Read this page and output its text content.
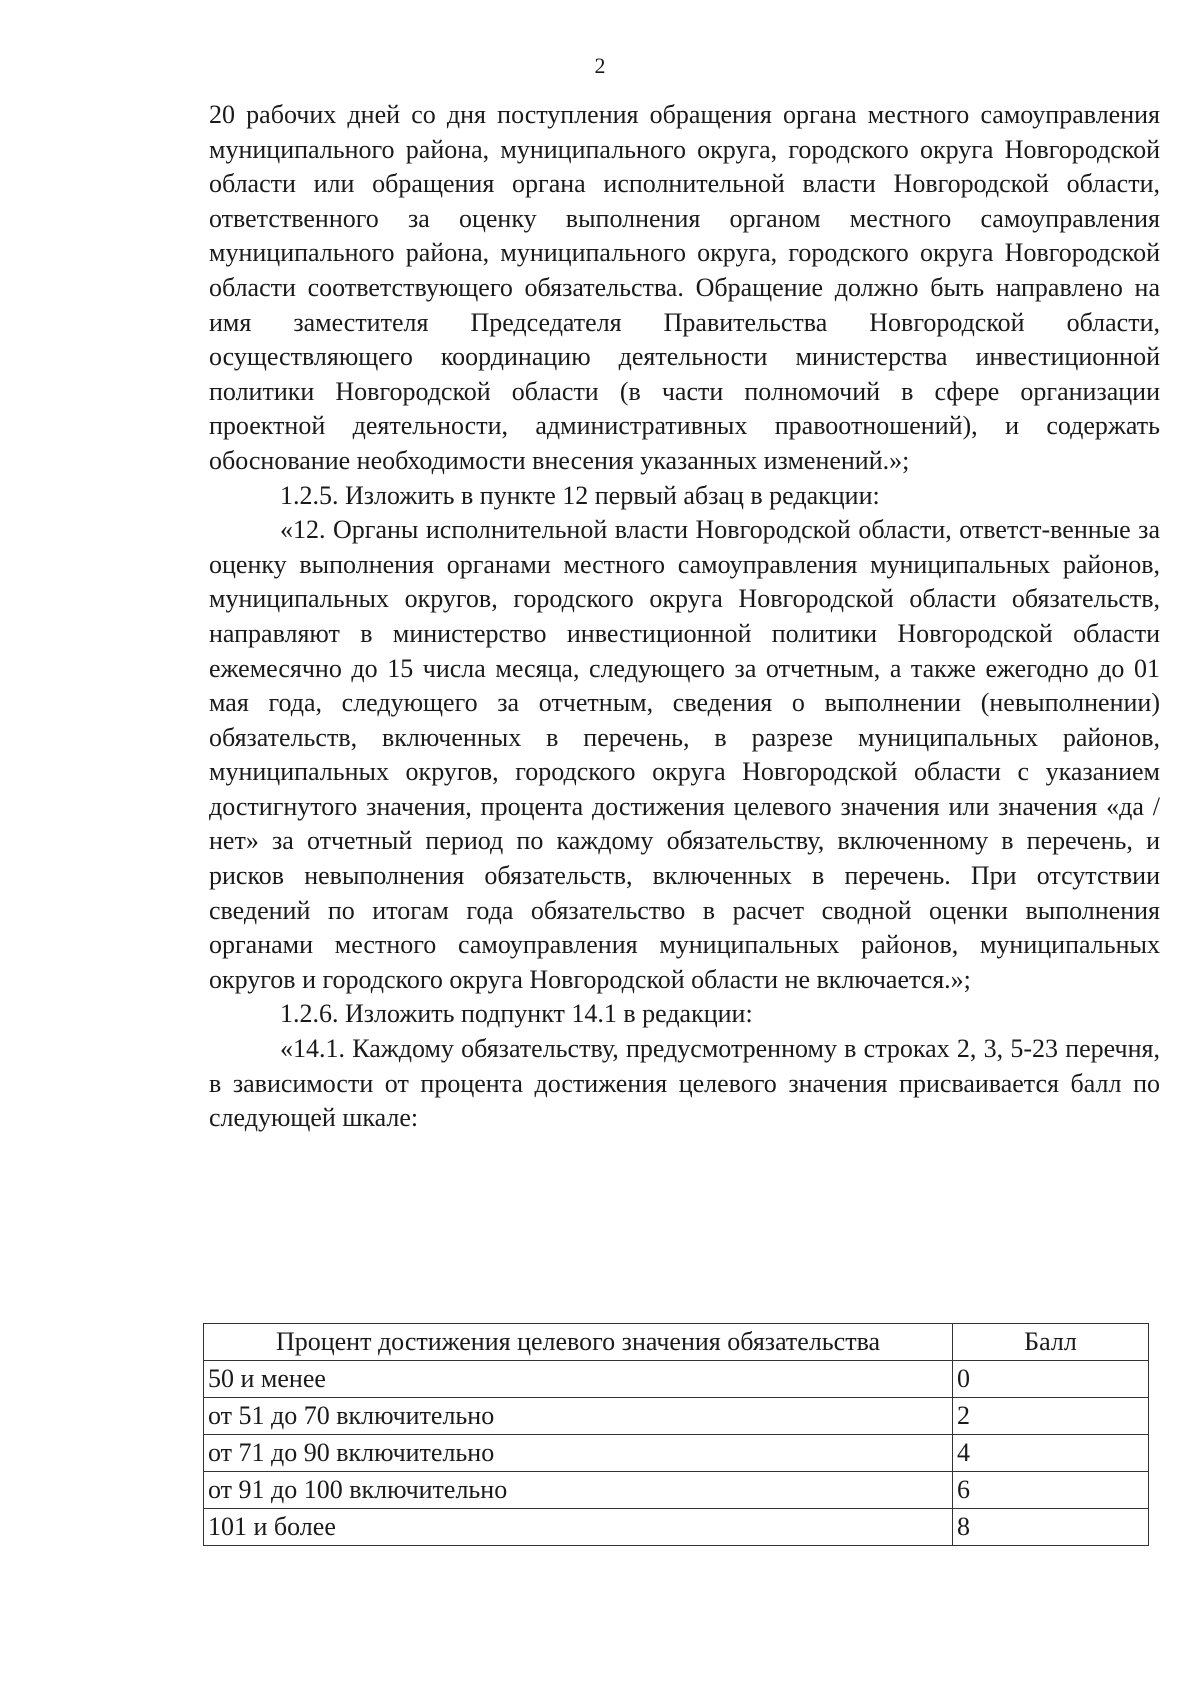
2

20 рабочих дней со дня поступления обращения органа местного самоуправления муниципального района, муниципального округа, городского округа Новгородской области или обращения органа исполнительной власти Новгородской области, ответственного за оценку выполнения органом местного самоуправления муниципального района, муниципального округа, городского округа Новгородской области соответствующего обязательства. Обращение должно быть направлено на имя заместителя Председателя Правительства Новгородской области, осуществляющего координацию деятельности министерства инвестиционной политики Новгородской области (в части полномочий в сфере организации проектной деятельности, административных правоотношений), и содержать обоснование необходимости внесения указанных изменений.»;

1.2.5. Изложить в пункте 12 первый абзац в редакции:

«12. Органы исполнительной власти Новгородской области, ответст-венные за оценку выполнения органами местного самоуправления муниципальных районов, муниципальных округов, городского округа Новгородской области обязательств, направляют в министерство инвестиционной политики Новгородской области ежемесячно до 15 числа месяца, следующего за отчетным, а также ежегодно до 01 мая года, следующего за отчетным, сведения о выполнении (невыполнении) обязательств, включенных в перечень, в разрезе муниципальных районов, муниципальных округов, городского округа Новгородской области с указанием достигнутого значения, процента достижения целевого значения или значения «да / нет» за отчетный период по каждому обязательству, включенному в перечень, и рисков невыполнения обязательств, включенных в перечень. При отсутствии сведений по итогам года обязательство в расчет сводной оценки выполнения органами местного самоуправления муниципальных районов, муниципальных округов и городского округа Новгородской области не включается.»;

1.2.6. Изложить подпункт 14.1 в редакции:

«14.1. Каждому обязательству, предусмотренному в строках 2, 3, 5-23 перечня, в зависимости от процента достижения целевого значения присваивается балл по следующей шкале:

Процент достижения целевого значения обязательства	Балл
50 и менее	0
от 51 до 70 включительно	2
от 71 до 90 включительно	4
от 91 до 100 включительно	6
101 и более	8
